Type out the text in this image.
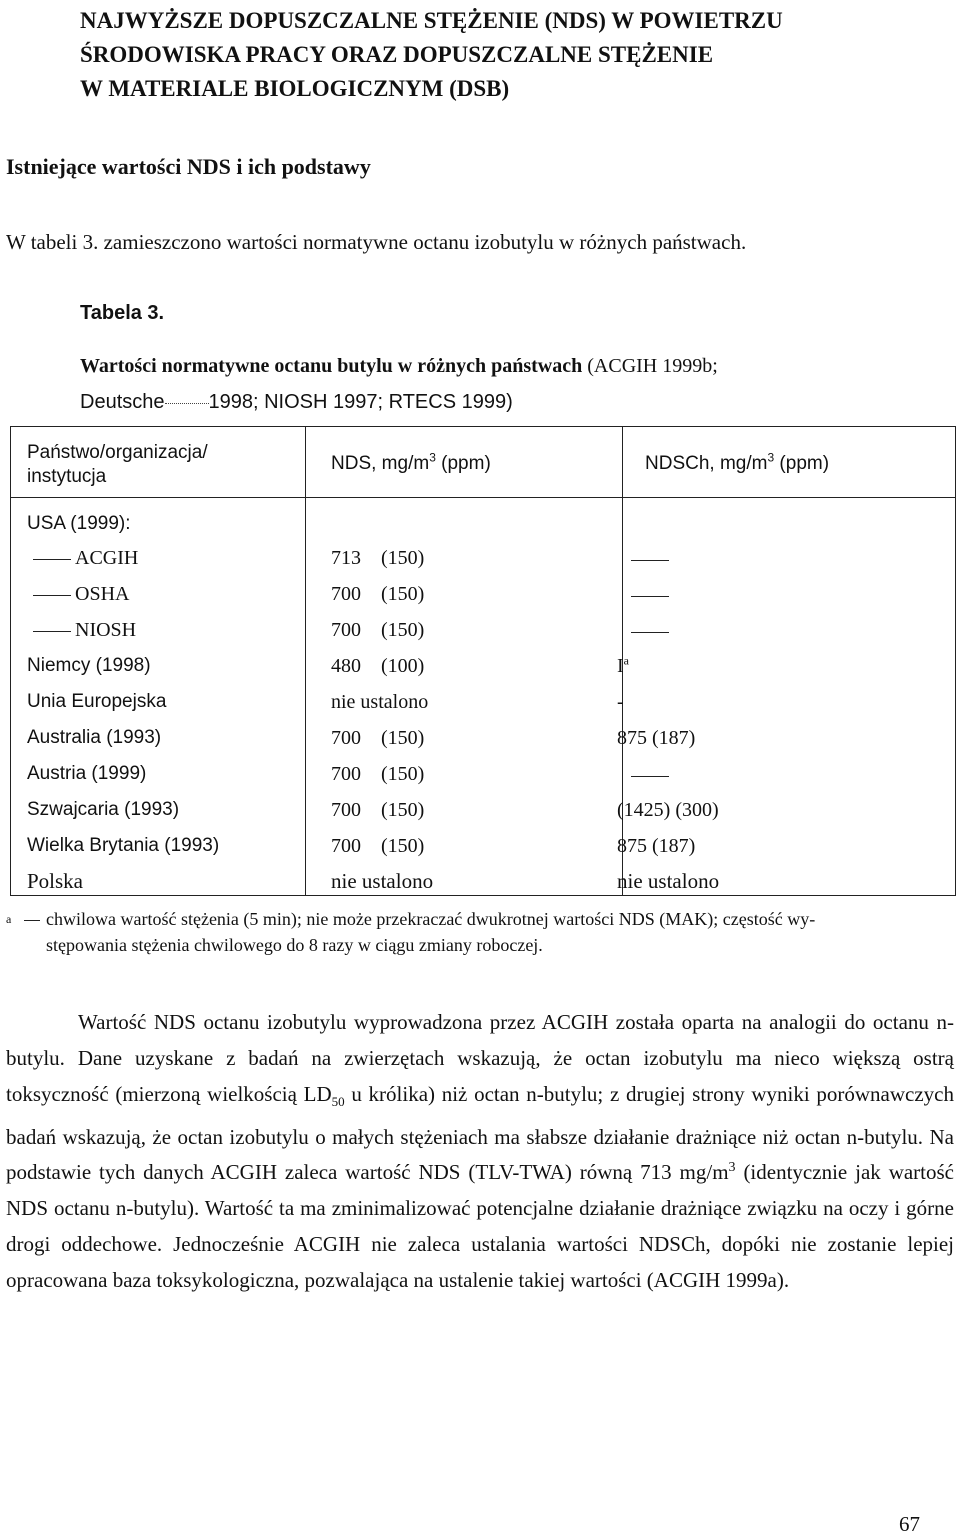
NAJWYŻSZE DOPUSZCZALNE STĘŻENIE (NDS) W POWIETRZU
ŚRODOWISKA PRACY ORAZ DOPUSZCZALNE STĘŻENIE
W MATERIALE BIOLOGICZNYM (DSB)
Istniejące wartości NDS i ich podstawy
W tabeli 3. zamieszczono wartości normatywne octanu izobutylu w różnych państwach.
Tabela 3.
Wartości normatywne octanu butylu w różnych państwach (ACGIH 1999b;
Deutsche 1998; NIOSH 1997; RTECS 1999)
Państwo/organizacja/
instytucja
NDS, $mg/m^3$ (ppm)	NDSCh, $mg/m^3$ (ppm)
USA (1999):
ACGIH	713    (150)
OSHA	700    (150)
NIOSH	700    (150)
Niemcy (1998)	480    (100)	$I^a$
Unia Europejska	nie ustalono	-
Australia (1993)	700    (150)	875 (187)
Austria (1999)	700    (150)
Szwajcaria (1993)	700    (150)	(1425) (300)
Wielka Brytania (1993)	700    (150)	875 (187)
Polska	nie ustalono	nie ustalono
a chwilowa wartość stężenia (5 min); nie może przekraczać dwukrotnej wartości NDS (MAK); częstość wy-
stępowania stężenia chwilowego do 8 razy w ciągu zmiany roboczej.
Wartość NDS octanu izobutylu wyprowadzona przez ACGIH została oparta na analogii do octanu n-butylu. Dane uzyskane z badań na zwierzętach wskazują, że octan izobutylu ma nieco większą ostrą toksyczność (mierzoną wielkością $LD_{50}$ u królika) niż octan n-butylu; z drugiej strony wyniki porównawczych badań wskazują, że octan izobutylu o małych stężeniach ma słabsze działanie drażniące niż octan n-butylu. Na podstawie tych danych ACGIH zaleca wartość NDS (TLV-TWA) równą 713 $mg/m^3$ (identycznie jak wartość NDS octanu n-butylu). Wartość ta ma zminimalizować potencjalne działanie drażniące związku na oczy i górne drogi oddechowe. Jednocześnie ACGIH nie zaleca ustalania wartości NDSCh, dopóki nie zostanie lepiej opracowana baza toksykologiczna, pozwalająca na ustalenie takiej wartości (ACGIH 1999a).
67
